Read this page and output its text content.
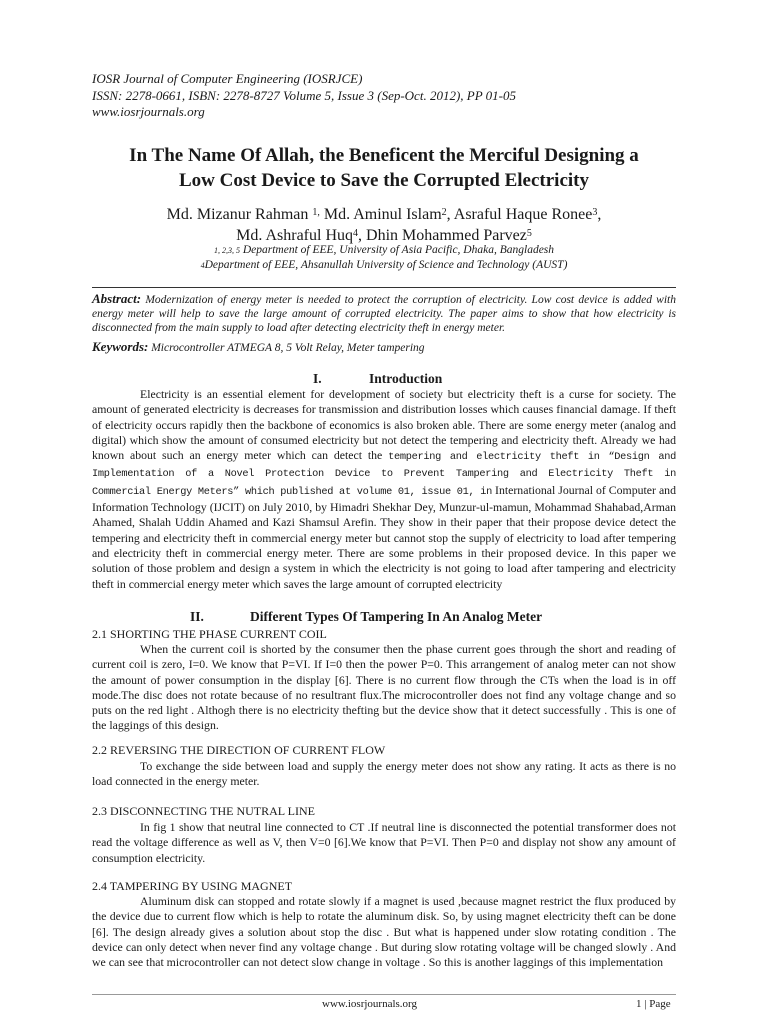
IOSR Journal of Computer Engineering (IOSRJCE)
ISSN: 2278-0661, ISBN: 2278-8727 Volume 5, Issue 3 (Sep-Oct. 2012), PP 01-05
www.iosrjournals.org
In The Name Of Allah, the Beneficent the Merciful Designing a
Low Cost Device to Save the Corrupted Electricity
Md. Mizanur Rahman $^{1,}$ Md. Aminul Islam$^2$, Asraful Haque Ronee$^3$,
Md. Ashraful Huq$^4$, Dhin Mohammed Parvez$^5$
$^{1, 2,3, 5}$ Department of EEE, University of Asia Pacific, Dhaka, Bangladesh
$^4$Department of EEE, Ahsanullah University of Science and Technology (AUST)
Abstract: Modernization of energy meter is needed to protect the corruption of electricity. Low cost device is added with energy meter will help to save the large amount of corrupted electricity. The paper aims to show that how electricity is disconnected from the main supply to load after detecting electricity theft in energy meter.
Keywords: Microcontroller ATMEGA 8, 5 Volt Relay, Meter tampering
I.	Introduction

Electricity is an essential element for development of society but electricity theft is a curse for society. The amount of generated electricity is decreases for transmission and distribution losses which causes financial damage. If theft of electricity occurs rapidly then the backbone of economics is also broken able. There are some energy meter (analog and digital) which show the amount of consumed electricity but not detect the tempering and electricity theft. Already we had known about such an energy meter which can detect the tempering and electricity theft in “Design and Implementation of a Novel Protection Device to Prevent Tampering and Electricity Theft in Commercial Energy Meters” which published at volume 01, issue 01, in International Journal of Computer and Information Technology (IJCIT) on July 2010, by Himadri Shekhar Dey, Munzur-ul-mamun, Mohammad Shahabad,Arman Ahamed, Shalah Uddin Ahamed and Kazi Shamsul Arefin. They show in their paper that their propose device detect the tempering and electricity theft in commercial energy meter but cannot stop the supply of electricity to load after tempering and electricity theft in commercial energy meter. There are some problems in their proposed device. In this paper we solution of those problem and design a system in which the electricity is not going to load after tampering and electricity theft in commercial energy meter which saves the large amount of corrupted electricity

II.	Different Types Of Tampering In An Analog Meter
2.1 SHORTING THE PHASE CURRENT COIL

When the current coil is shorted by the consumer then the phase current goes through the short and reading of current coil is zero, I=0. We know that P=VI. If I=0 then the power P=0. This arrangement of analog meter can not show the amount of power consumption in the display [6]. There is no current flow through the CTs when the load is in off mode.The disc does not rotate because of no resultrant flux.The microcontroller does not find any voltage change and so puts on the red light . Althogh there is no electricity thefting but the device show that it detect successfully . This is one of the laggings of this design.

2.2 REVERSING THE DIRECTION OF CURRENT FLOW

To exchange the side between load and supply the energy meter does not show any rating. It acts as there is no load connected in the energy meter.

2.3 DISCONNECTING THE NUTRAL LINE

In fig 1 show that neutral line connected to CT .If neutral line is disconnected the potential transformer does not read the voltage difference as well as V, then V=0 [6].We know that P=VI. Then P=0 and display not show any amount of consumption electricity.

2.4 TAMPERING BY USING MAGNET

Aluminum disk can stopped and rotate slowly if a magnet is used ,because magnet restrict the flux produced by the device due to current flow which is help to rotate the aluminum disk. So, by using magnet electricity theft can be done [6]. The design already gives a solution about stop the disc . But what is happened under slow rotating condition . The device can only detect when never find any voltage change . But during slow rotating voltage will be changed slowly . And we can see that microcontroller can not detect slow change in voltage . So this is another laggings of this implementation

www.iosrjournals.org	1 | Page
